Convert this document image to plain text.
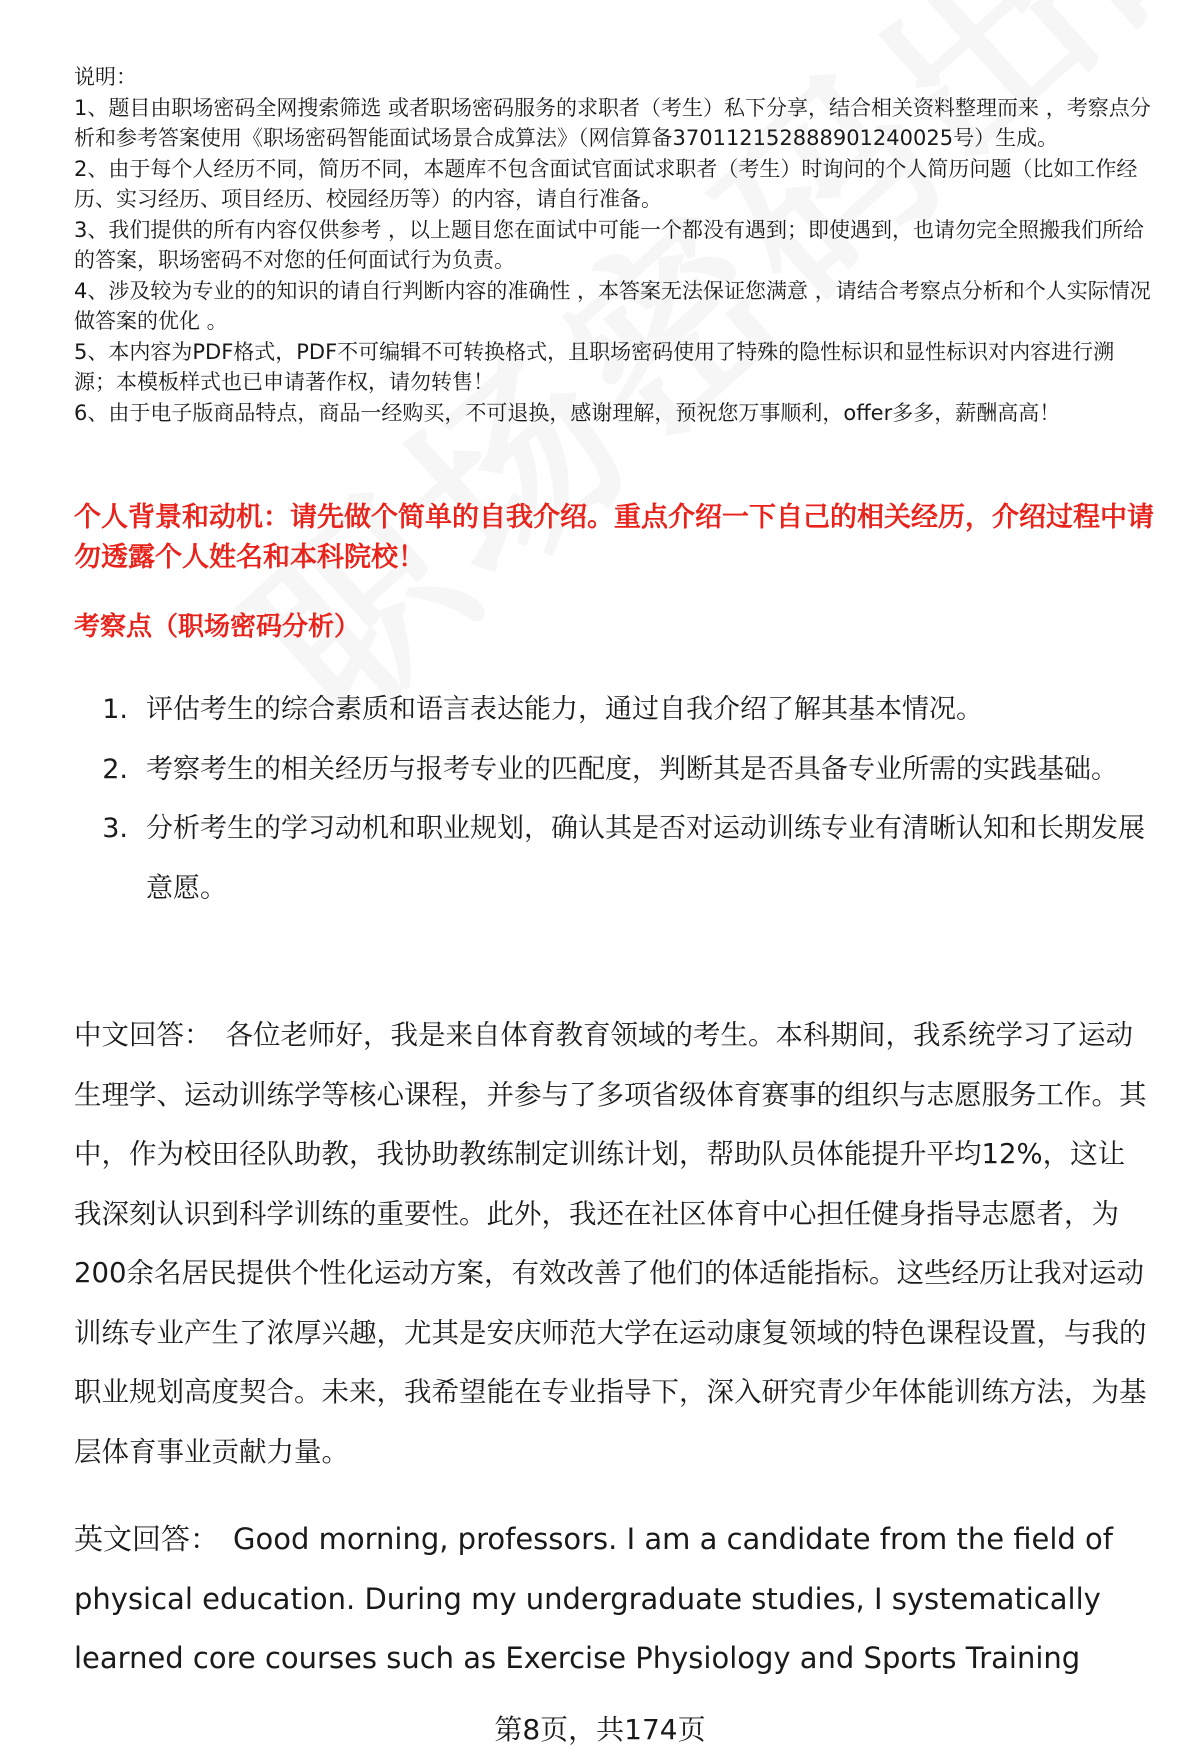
说明：
1、题目由职场密码全网搜索筛选 或者职场密码服务的求职者（考生）私下分享，结合相关资料整理而来 ，考察点分析和参考答案使用《职场密码智能面试场景合成算法》（网信算备370112152888901240025号）生成。
2、由于每个人经历不同，简历不同，本题库不包含面试官面试求职者（考生）时询问的个人简历问题（比如工作经历、实习经历、项目经历、校园经历等）的内容，请自行准备。
3、我们提供的所有内容仅供参考 ，以上题目您在面试中可能一个都没有遇到；即使遇到，也请勿完全照搬我们所给的答案，职场密码不对您的任何面试行为负责。
4、涉及较为专业的的知识的请自行判断内容的准确性 ，本答案无法保证您满意 ，请结合考察点分析和个人实际情况做答案的优化 。
5、本内容为PDF格式，PDF不可编辑不可转换格式，且职场密码使用了特殊的隐性标识和显性标识对内容进行溯源；本模板样式也已申请著作权，请勿转售！
6、由于电子版商品特点，商品一经购买，不可退换，感谢理解，预祝您万事顺利，offer多多，薪酬高高！
个人背景和动机：请先做个简单的自我介绍。重点介绍一下自己的相关经历，介绍过程中请勿透露个人姓名和本科院校！
考察点（职场密码分析）
1. 评估考生的综合素质和语言表达能力，通过自我介绍了解其基本情况。
2. 考察考生的相关经历与报考专业的匹配度，判断其是否具备专业所需的实践基础。
3. 分析考生的学习动机和职业规划，确认其是否对运动训练专业有清晰认知和长期发展意愿。

中文回答： 各位老师好，我是来自体育教育领域的考生。本科期间，我系统学习了运动生理学、运动训练学等核心课程，并参与了多项省级体育赛事的组织与志愿服务工作。其中，作为校田径队助教，我协助教练制定训练计划，帮助队员体能提升平均12%，这让我深刻认识到科学训练的重要性。此外，我还在社区体育中心担任健身指导志愿者，为200余名居民提供个性化运动方案，有效改善了他们的体适能指标。这些经历让我对运动训练专业产生了浓厚兴趣，尤其是安庆师范大学在运动康复领域的特色课程设置，与我的职业规划高度契合。未来，我希望能在专业指导下，深入研究青少年体能训练方法，为基层体育事业贡献力量。

英文回答： Good morning, professors. I am a candidate from the field of physical education. During my undergraduate studies, I systematically learned core courses such as Exercise Physiology and Sports Training

第8页，共174页
